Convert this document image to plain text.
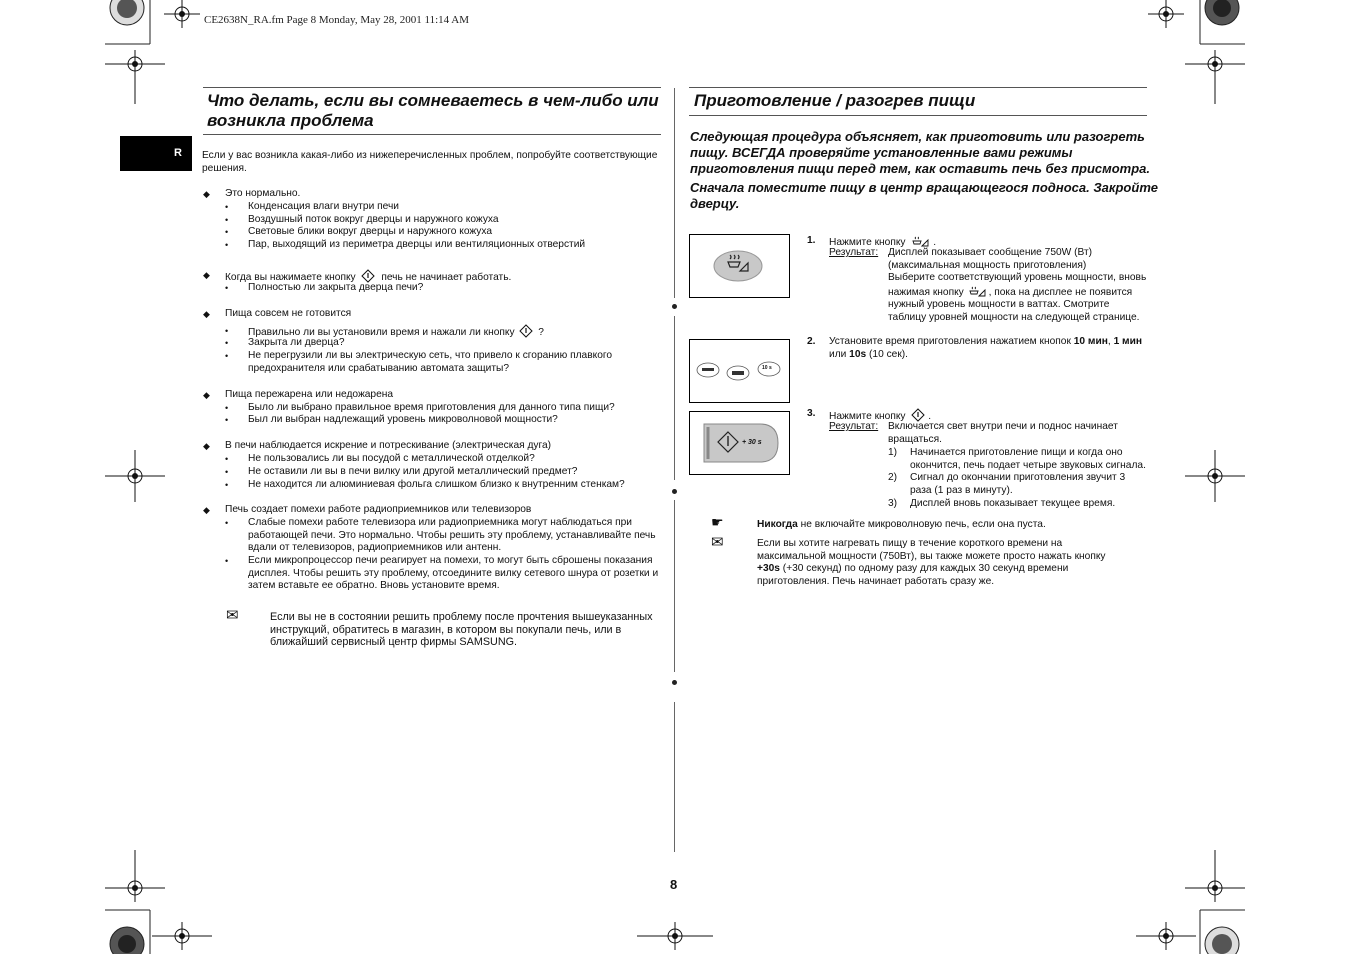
CE2638N_RA.fm Page 8 Monday, May 28, 2001 11:14 AM
R
Что делать, если вы сомневаетесь в чем-либо или
возникла проблема
Если у вас возникла какая-либо из нижеперечисленных проблем, попробуйте соответствующие
решения.
◆ Это нормально.
• Конденсация влаги внутри печи
• Воздушный поток вокруг дверцы и наружного кожуха
• Световые блики вокруг дверцы и наружного кожуха
• Пар, выходящий из периметра дверцы или вентиляционных отверстий
◆ Когда вы нажимаете кнопку	печь не начинает работать.
• Полностью ли закрыта дверца печи?
◆ Пища совсем не готовится
• Правильно ли вы установили время и нажали ли кнопку ?
• Закрыта ли дверца?
• Не перегрузили ли вы электрическую сеть, что привело к сгоранию плавкого
предохранителя или срабатыванию автомата защиты?
◆ Пища пережарена или недожарена
• Было ли выбрано правильное время приготовления для данного типа пищи?
• Был ли выбран надлежащий уровень микроволновой мощности?
◆ В печи наблюдается искрение и потрескивание (электрическая дуга)
• Не пользовались ли вы посудой с металлической отделкой?
• Не оставили ли вы в печи вилку или другой металлический предмет?
• Не находится ли алюминиевая фольга слишком близко к внутренним стенкам?
◆ Печь создает помехи работе радиоприемников или телевизоров
• Слабые помехи работе телевизора или радиоприемника могут наблюдаться при
работающей печи. Это нормально. Чтобы решить эту проблему, устанавливайте печь
вдали от телевизоров, радиоприемников или антенн.
• Если микропроцессор печи реагирует на помехи, то могут быть сброшены показания
дисплея. Чтобы решить эту проблему, отсоедините вилку сетевого шнура от розетки и
затем вставьте ее обратно. Вновь установите время.
✉	Если вы не в состоянии решить проблему после прочтения вышеуказанных
инструкций, обратитесь в магазин, в котором вы покупали печь, или в
ближайший сервисный центр фирмы SAMSUNG.
Приготовление / разогрев пищи
Следующая процедура объясняет, как приготовить или разогреть
пищу. ВСЕГДА проверяйте установленные вами режимы
приготовления пищи перед тем, как оставить печь без присмотра.
Сначала поместите пищу в центр вращающегося подноса. Закройте
дверцу.
1. Нажмите кнопку  .
Результат: Дисплей показывает сообщение 750W (Вт)
(максимальная мощность приготовления)
Выберите соответствующий уровень мощности, вновь
нажимая кнопку , пока на дисплее не появится
нужный уровень мощности в ваттах. Смотрите
таблицу уровней мощности на следующей странице.
10 s
2. Установите время приготовления нажатием кнопок 10 мин, 1 мин
или 10s (10 сек).
+ 30 s
3. Нажмите кнопку  .
Результат: Включается свет внутри печи и поднос начинает
вращаться.
1) Начинается приготовление пищи и когда оно
окончится, печь подает четыре звуковых сигнала.
2) Сигнал до окончании приготовления звучит 3
раза (1 раз в минуту).
3) Дисплей вновь показывает текущее время.
☛	Никогда не включайте микроволновую печь, если она пуста.
✉	Если вы хотите нагревать пищу в течение короткого времени на
максимальной мощности (750Вт), вы также можете просто нажать кнопку
+30s (+30 секунд) по одному разу для каждых 30 секунд времени
приготовления. Печь начинает работать сразу же.
8
